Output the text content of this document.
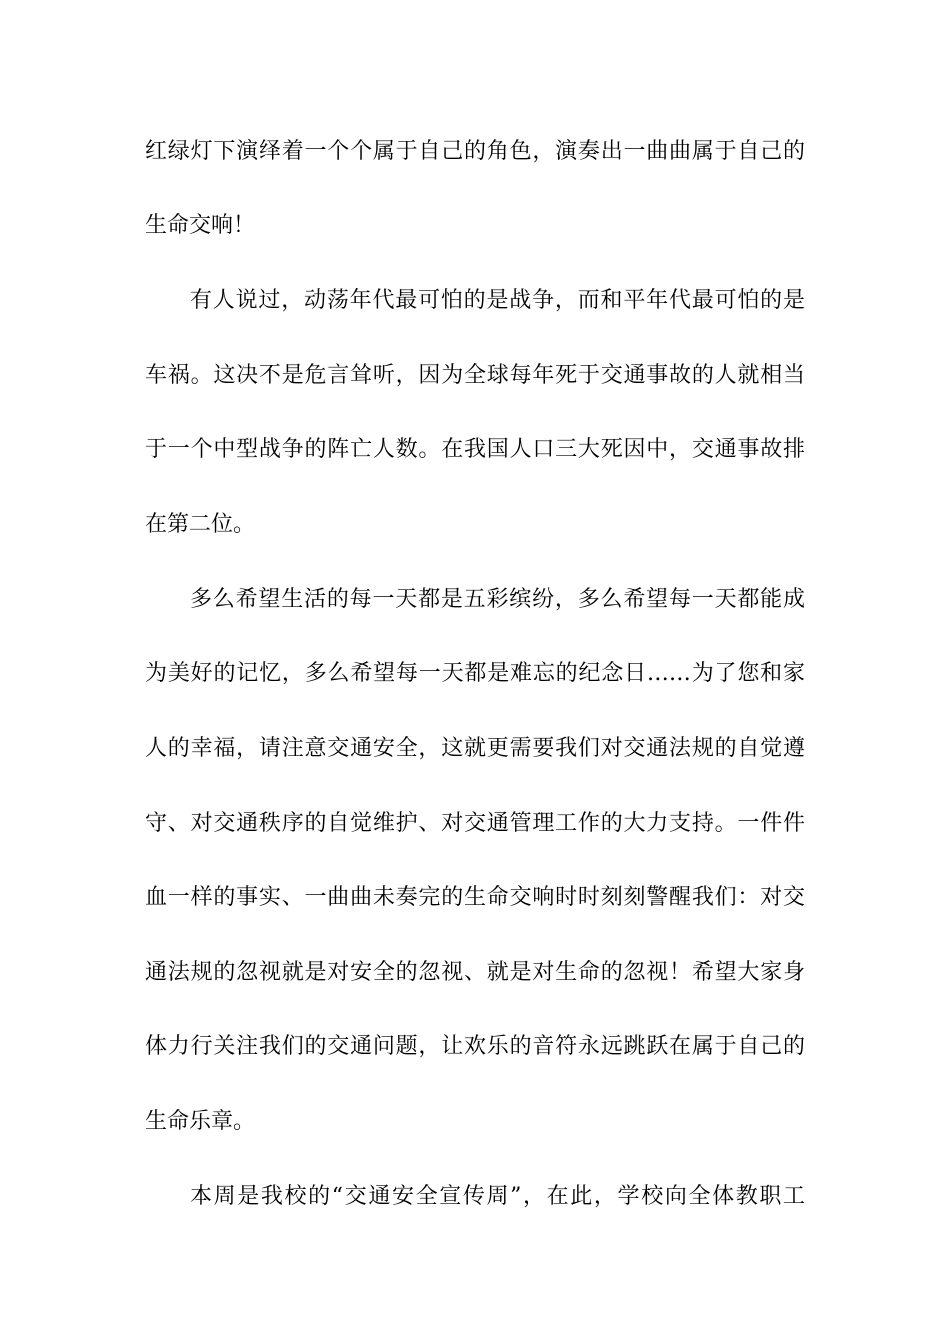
红绿灯下演绎着一个个属于自己的角色，演奏出一曲曲属于自己的
生命交响！
有人说过，动荡年代最可怕的是战争，而和平年代最可怕的是
车祸。这决不是危言耸听，因为全球每年死于交通事故的人就相当
于一个中型战争的阵亡人数。在我国人口三大死因中，交通事故排
在第二位。
多么希望生活的每一天都是五彩缤纷，多么希望每一天都能成
为美好的记忆，多么希望每一天都是难忘的纪念日……为了您和家
人的幸福，请注意交通安全，这就更需要我们对交通法规的自觉遵
守、对交通秩序的自觉维护、对交通管理工作的大力支持。一件件
血一样的事实、一曲曲未奏完的生命交响时时刻刻警醒我们：对交
通法规的忽视就是对安全的忽视、就是对生命的忽视！希望大家身
体力行关注我们的交通问题，让欢乐的音符永远跳跃在属于自己的
生命乐章。
本周是我校的“交通安全宣传周”，在此，学校向全体教职工
